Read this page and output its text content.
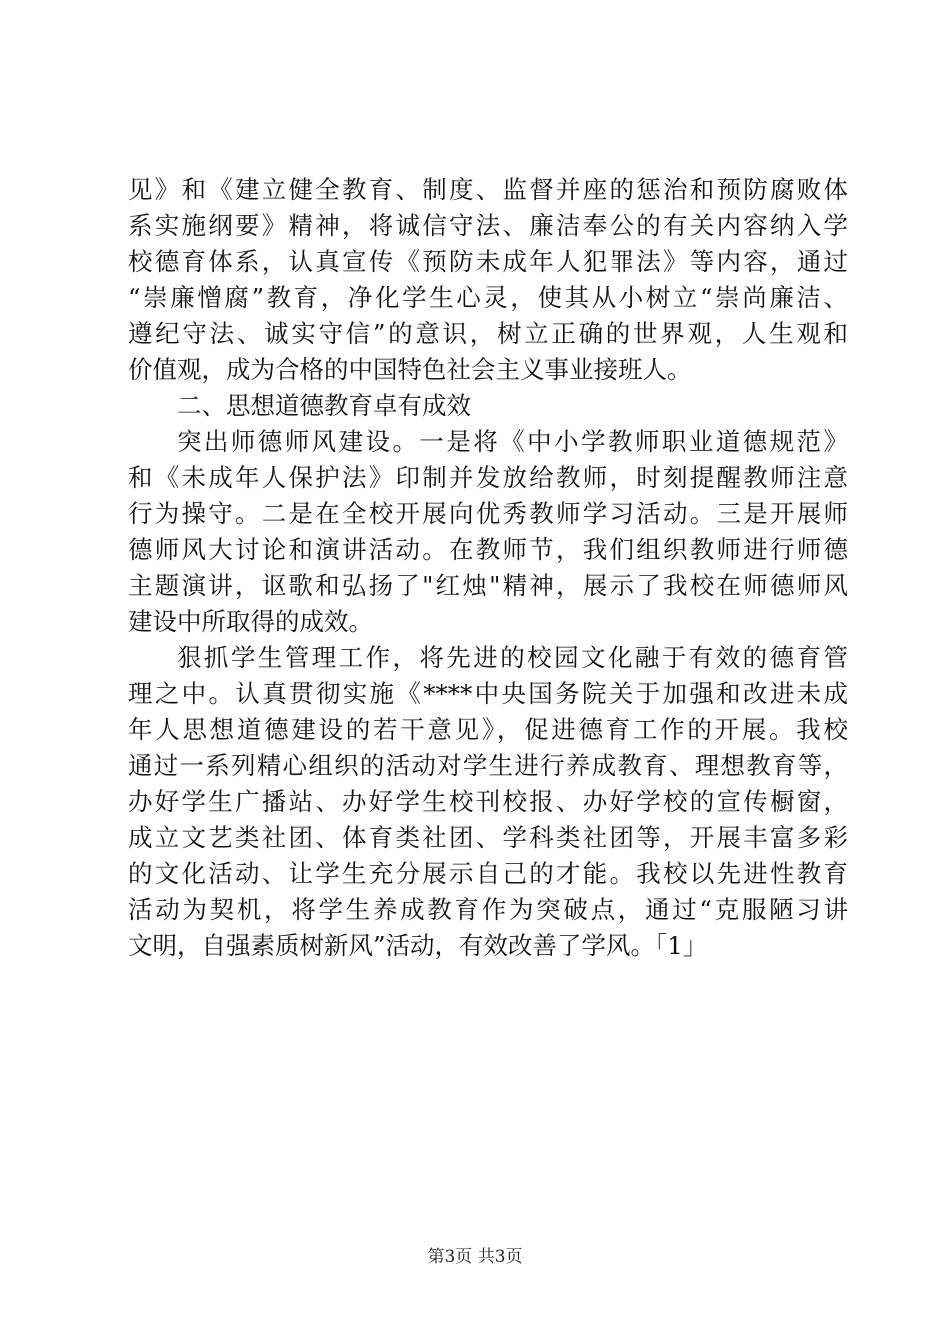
见》和《建立健全教育、制度、监督并座的惩治和预防腐败体
系实施纲要》精神，将诚信守法、廉洁奉公的有关内容纳入学
校德育体系，认真宣传《预防未成年人犯罪法》等内容，通过
“崇廉憎腐”教育，净化学生心灵，使其从小树立“崇尚廉洁、
遵纪守法、诚实守信”的意识，树立正确的世界观，人生观和
价值观，成为合格的中国特色社会主义事业接班人。
二、思想道德教育卓有成效
突出师德师风建设。一是将《中小学教师职业道德规范》
和《未成年人保护法》印制并发放给教师，时刻提醒教师注意
行为操守。二是在全校开展向优秀教师学习活动。三是开展师
德师风大讨论和演讲活动。在教师节，我们组织教师进行师德
主题演讲，讴歌和弘扬了"红烛"精神，展示了我校在师德师风
建设中所取得的成效。
狠抓学生管理工作，将先进的校园文化融于有效的德育管
理之中。认真贯彻实施《****中央国务院关于加强和改进未成
年人思想道德建设的若干意见》，促进德育工作的开展。我校
通过一系列精心组织的活动对学生进行养成教育、理想教育等，
办好学生广播站、办好学生校刊校报、办好学校的宣传橱窗，
成立文艺类社团、体育类社团、学科类社团等，开展丰富多彩
的文化活动、让学生充分展示自己的才能。我校以先进性教育
活动为契机，将学生养成教育作为突破点，通过“克服陋习讲
文明，自强素质树新风”活动，有效改善了学风。「1」
第3页 共3页
